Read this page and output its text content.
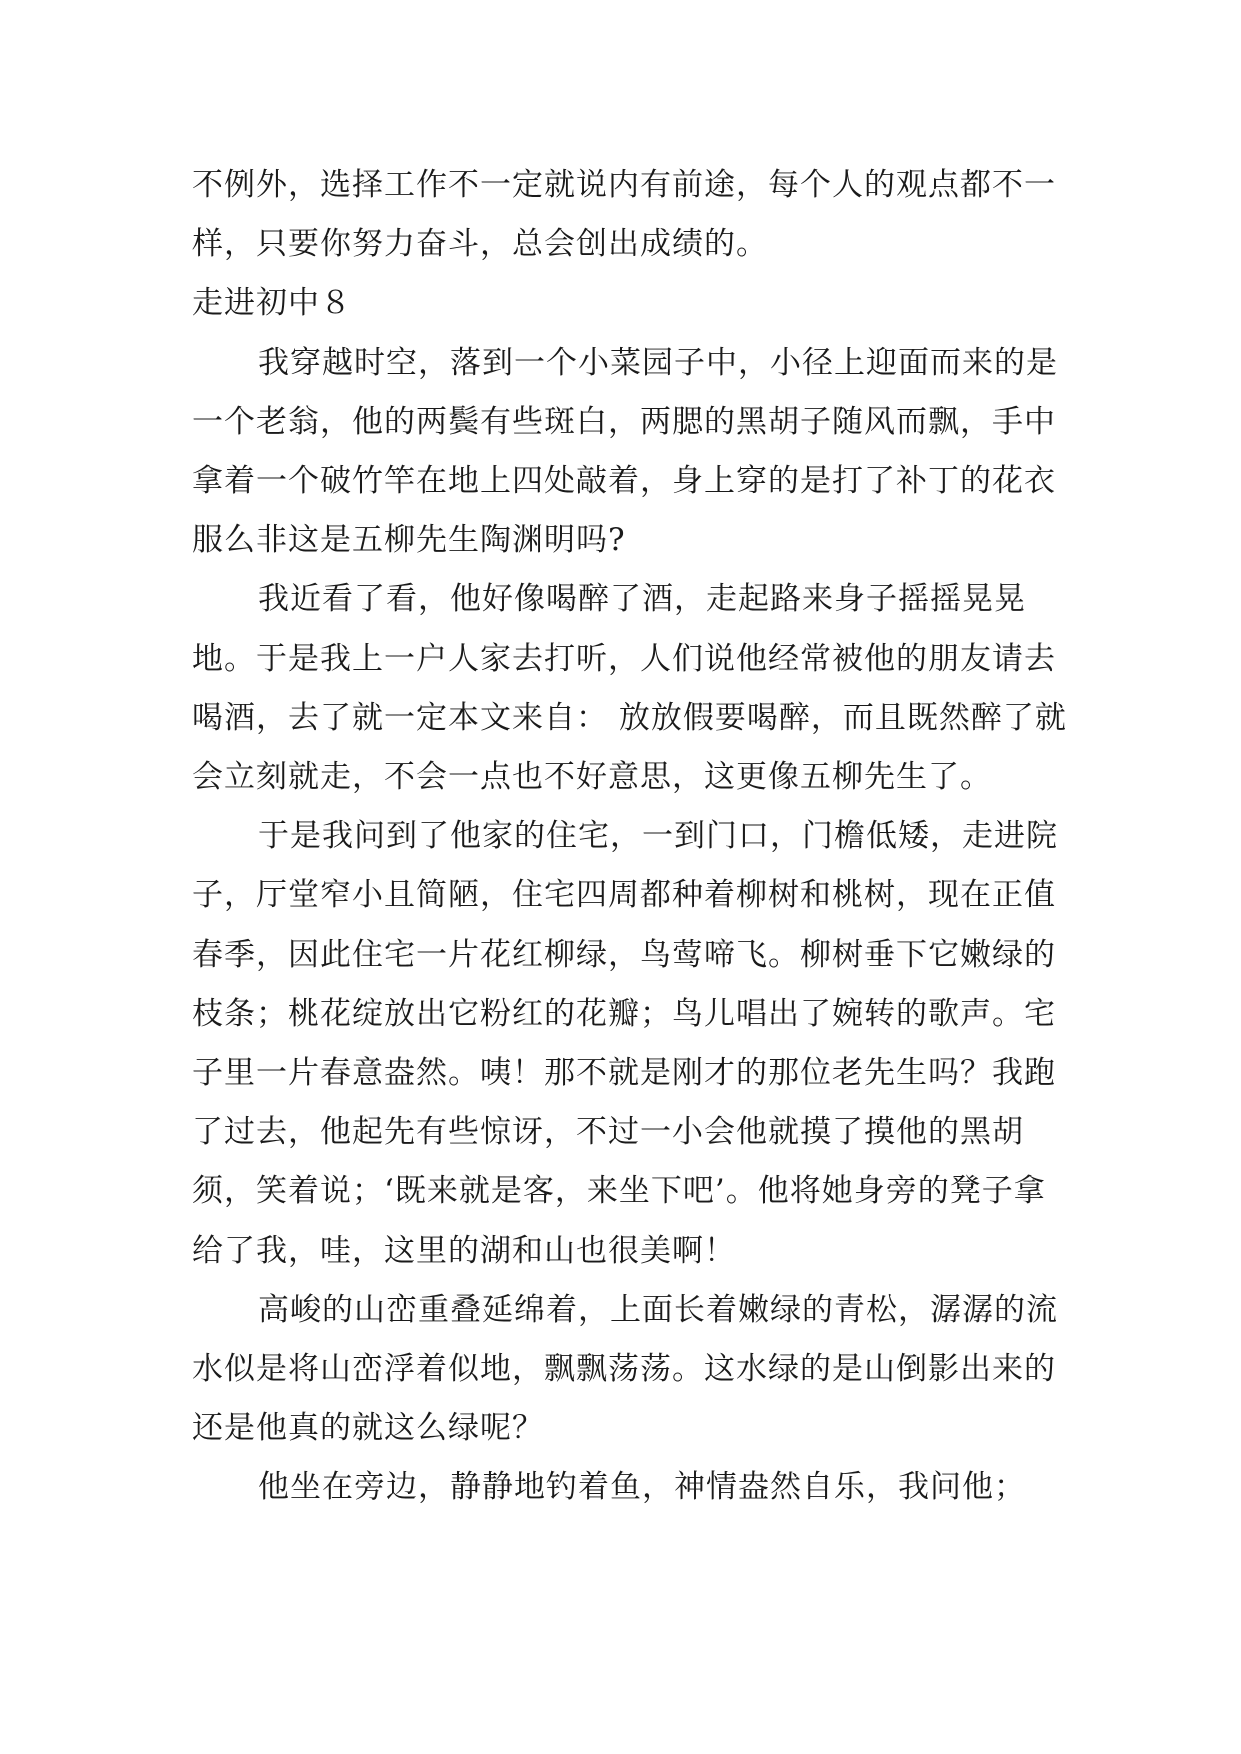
不例外，选择工作不一定就说内有前途，每个人的观点都不一样，只要你努力奋斗，总会创出成绩的。

走进初中８

我穿越时空，落到一个小菜园子中，小径上迎面而来的是一个老翁，他的两鬓有些斑白，两腮的黑胡子随风而飘，手中拿着一个破竹竿在地上四处敲着，身上穿的是打了补丁的花衣服么非这是五柳先生陶渊明吗?

我近看了看，他好像喝醉了酒，走起路来身子摇摇晃晃地。于是我上一户人家去打听，人们说他经常被他的朋友请去喝酒，去了就一定本文来自： 放放假要喝醉，而且既然醉了就会立刻就走，不会一点也不好意思，这更像五柳先生了。

于是我问到了他家的住宅，一到门口，门檐低矮，走进院子，厅堂窄小且简陋，住宅四周都种着柳树和桃树，现在正值春季，因此住宅一片花红柳绿，鸟莺啼飞。柳树垂下它嫩绿的枝条；桃花绽放出它粉红的花瓣；鸟儿唱出了婉转的歌声。宅子里一片春意盎然。咦！那不就是刚才的那位老先生吗？我跑了过去，他起先有些惊讶，不过一小会他就摸了摸他的黑胡须，笑着说；‘既来就是客，来坐下吧’。他将她身旁的凳子拿给了我，哇，这里的湖和山也很美啊！

高峻的山峦重叠延绵着，上面长着嫩绿的青松，潺潺的流水似是将山峦浮着似地，飘飘荡荡。这水绿的是山倒影出来的还是他真的就这么绿呢？

他坐在旁边，静静地钓着鱼，神情盎然自乐，我问他；
